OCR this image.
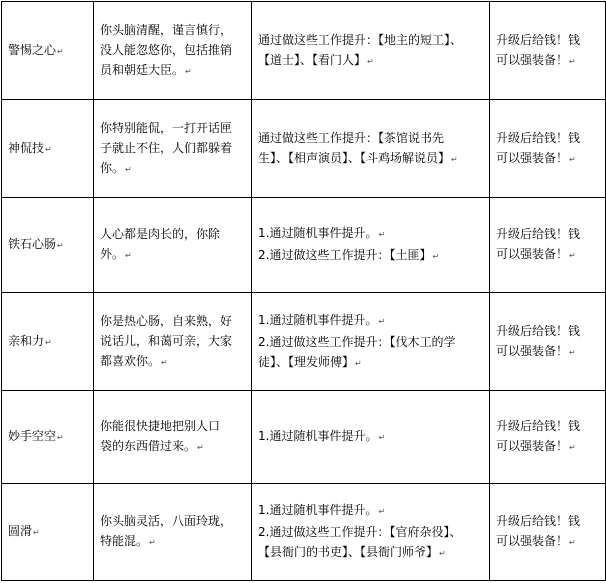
警惕之心↵	你头脑清醒，谨言慎行，
没人能忽悠你，包括推销
员和朝廷大臣。↵	通过做这些工作提升：【地主的短工】、
【道士】、【看门人】↵	升级后给钱！钱
可以强装备！↵
神侃技↵	你特别能侃，一打开话匣
子就止不住，人们都躲着
你。↵	通过做这些工作提升：【茶馆说书先
生】、【相声演员】、【斗鸡场解说员】↵	升级后给钱！钱
可以强装备！↵
铁石心肠↵	人心都是肉长的，你除
外。↵	1.通过随机事件提升。↵
2.通过做这些工作提升：【土匪】↵	升级后给钱！钱
可以强装备！↵
亲和力↵	你是热心肠，自来熟，好
说话儿，和蔼可亲，大家
都喜欢你。↵	1.通过随机事件提升。↵
2.通过做这些工作提升：【伐木工的学
徒】、【理发师傅】↵	升级后给钱！钱
可以强装备！↵
妙手空空↵	你能很快捷地把别人口
袋的东西借过来。↵	1.通过随机事件提升。↵	升级后给钱！钱
可以强装备！↵
圆滑↵	你头脑灵活，八面玲珑，
特能混。↵	1.通过随机事件提升。↵
2.通过做这些工作提升：【官府杂役】、
【县衙门的书吏】、【县衙门师爷】↵	升级后给钱！钱
可以强装备！↵
